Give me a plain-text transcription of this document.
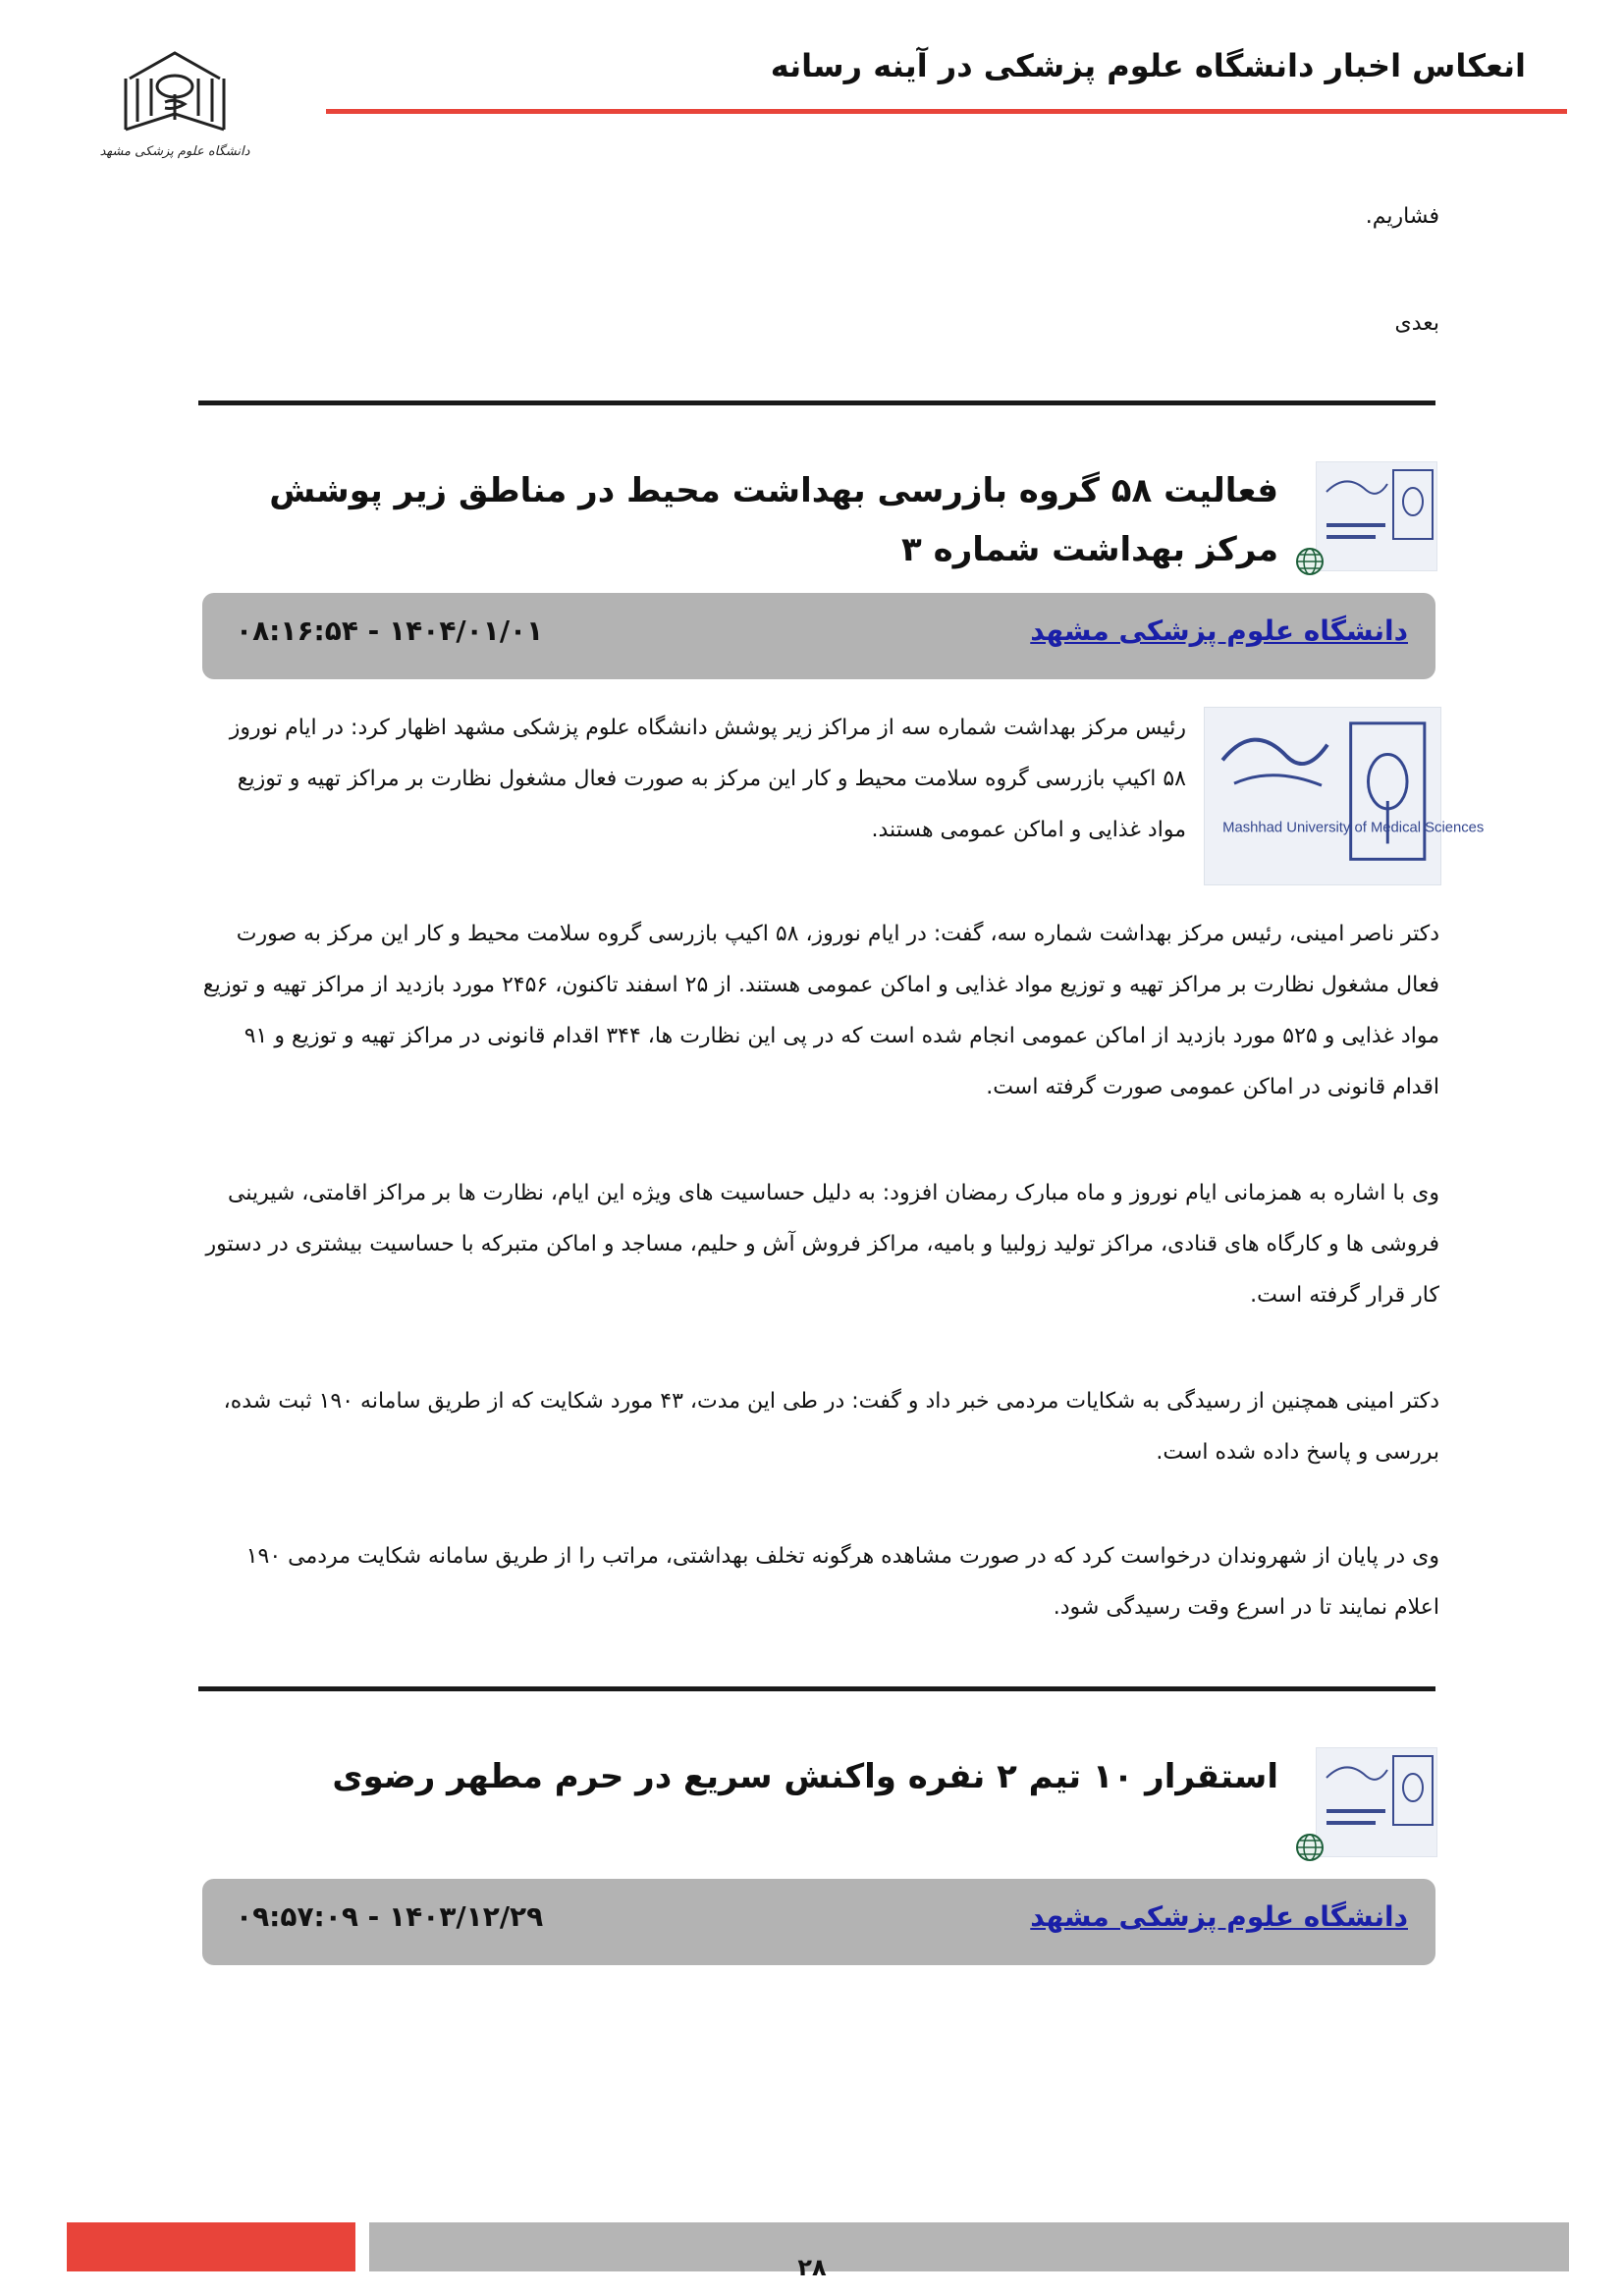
دانشگاه علوم پزشکی مشهد
انعکاس اخبار دانشگاه علوم پزشکی در آینه رسانه
فشاریم.
بعدی
فعالیت ۵۸ گروه بازرسی بهداشت محیط در مناطق زیر پوشش مرکز بهداشت شماره ۳
دانشگاه علوم پزشکی مشهد
۰۸:۱۶:۵۴ - ۱۴۰۴/۰۱/۰۱
Mashhad University of Medical Sciences

رئیس مرکز بهداشت شماره سه از مراکز زیر پوشش دانشگاه علوم پزشکی مشهد اظهار کرد: در ایام نوروز ۵۸ اکیپ بازرسی گروه سلامت محیط و کار این مرکز به صورت فعال مشغول نظارت بر مراکز تهیه و توزیع مواد غذایی و اماکن عمومی هستند.

دکتر ناصر امینی، رئیس مرکز بهداشت شماره سه، گفت: در ایام نوروز، ۵۸ اکیپ بازرسی گروه سلامت محیط و کار این مرکز به صورت فعال مشغول نظارت بر مراکز تهیه و توزیع مواد غذایی و اماکن عمومی هستند. از ۲۵ اسفند تاکنون، ۲۴۵۶ مورد بازدید از مراکز تهیه و توزیع مواد غذایی و ۵۲۵ مورد بازدید از اماکن عمومی انجام شده است که در پی این نظارت ها، ۳۴۴ اقدام قانونی در مراکز تهیه و توزیع و ۹۱ اقدام قانونی در اماکن عمومی صورت گرفته است.

وی با اشاره به همزمانی ایام نوروز و ماه مبارک رمضان افزود: به دلیل حساسیت های ویژه این ایام، نظارت ها بر مراکز اقامتی، شیرینی فروشی ها و کارگاه های قنادی، مراکز تولید زولبیا و بامیه، مراکز فروش آش و حلیم، مساجد و اماکن متبرکه با حساسیت بیشتری در دستور کار قرار گرفته است.

دکتر امینی همچنین از رسیدگی به شکایات مردمی خبر داد و گفت: در طی این مدت، ۴۳ مورد شکایت که از طریق سامانه ۱۹۰ ثبت شده، بررسی و پاسخ داده شده است.

وی در پایان از شهروندان درخواست کرد که در صورت مشاهده هرگونه تخلف بهداشتی، مراتب را از طریق سامانه شکایت مردمی ۱۹۰ اعلام نمایند تا در اسرع وقت رسیدگی شود.

استقرار ۱۰ تیم ۲ نفره واکنش سریع در حرم مطهر رضوی
دانشگاه علوم پزشکی مشهد
۰۹:۵۷:۰۹ - ۱۴۰۳/۱۲/۲۹
۲۸
